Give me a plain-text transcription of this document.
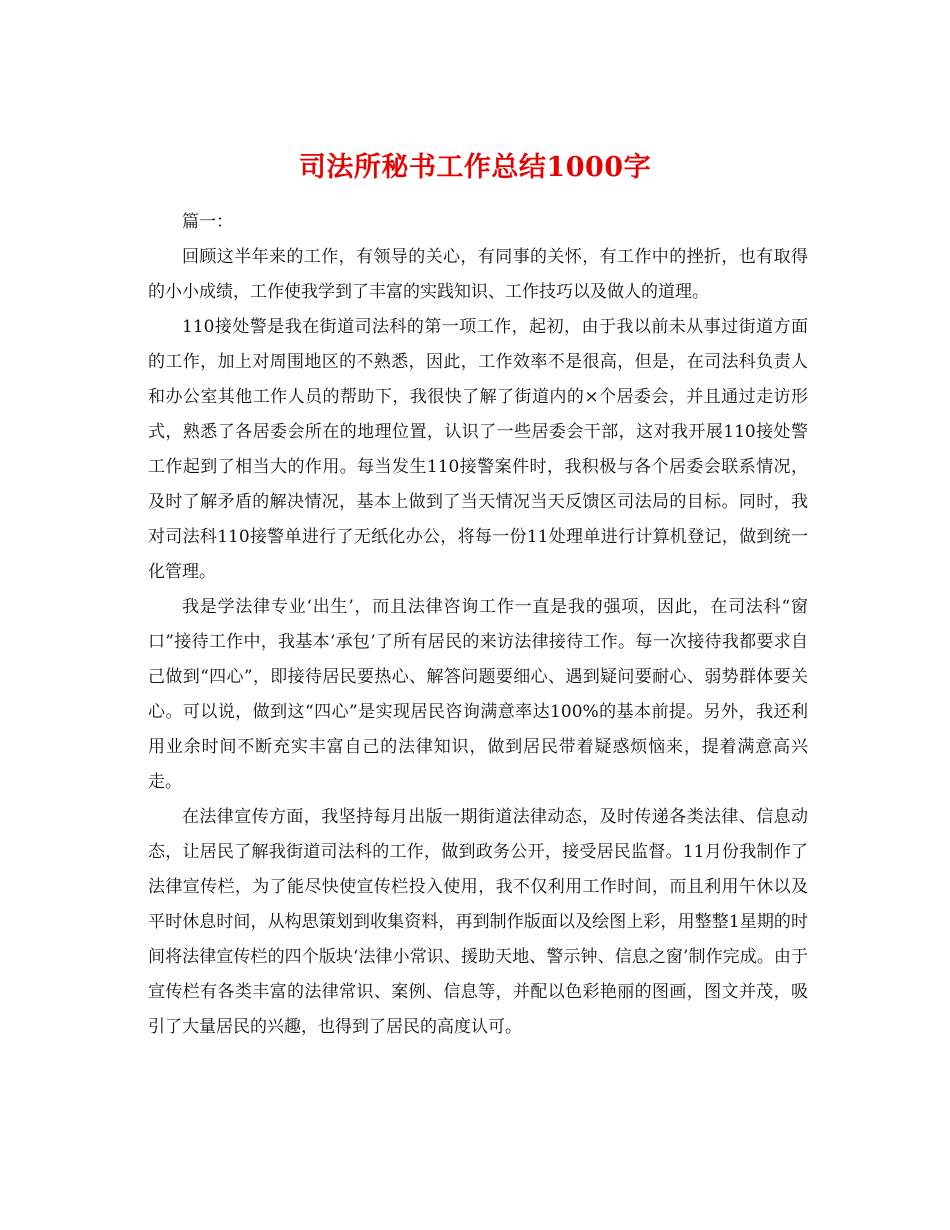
司法所秘书工作总结1000字

篇一：

回顾这半年来的工作，有领导的关心，有同事的关怀，有工作中的挫折，也有取得的小小成绩，工作使我学到了丰富的实践知识、工作技巧以及做人的道理。

110接处警是我在街道司法科的第一项工作，起初，由于我以前未从事过街道方面的工作，加上对周围地区的不熟悉，因此，工作效率不是很高，但是，在司法科负责人和办公室其他工作人员的帮助下，我很快了解了街道内的×个居委会，并且通过走访形式，熟悉了各居委会所在的地理位置，认识了一些居委会干部，这对我开展110接处警工作起到了相当大的作用。每当发生110接警案件时，我积极与各个居委会联系情况，及时了解矛盾的解决情况，基本上做到了当天情况当天反馈区司法局的目标。同时，我对司法科110接警单进行了无纸化办公，将每一份11处理单进行计算机登记，做到统一化管理。

我是学法律专业‘出生’，而且法律咨询工作一直是我的强项，因此，在司法科“窗口”接待工作中，我基本‘承包’了所有居民的来访法律接待工作。每一次接待我都要求自己做到“四心”，即接待居民要热心、解答问题要细心、遇到疑问要耐心、弱势群体要关心。可以说，做到这“四心”是实现居民咨询满意率达100%的基本前提。另外，我还利用业余时间不断充实丰富自己的法律知识，做到居民带着疑惑烦恼来，提着满意高兴走。

在法律宣传方面，我坚持每月出版一期街道法律动态，及时传递各类法律、信息动态，让居民了解我街道司法科的工作，做到政务公开，接受居民监督。11月份我制作了法律宣传栏，为了能尽快使宣传栏投入使用，我不仅利用工作时间，而且利用午休以及平时休息时间，从构思策划到收集资料，再到制作版面以及绘图上彩，用整整1星期的时间将法律宣传栏的四个版块‘法律小常识、援助天地、警示钟、信息之窗’制作完成。由于宣传栏有各类丰富的法律常识、案例、信息等，并配以色彩艳丽的图画，图文并茂，吸引了大量居民的兴趣，也得到了居民的高度认可。
